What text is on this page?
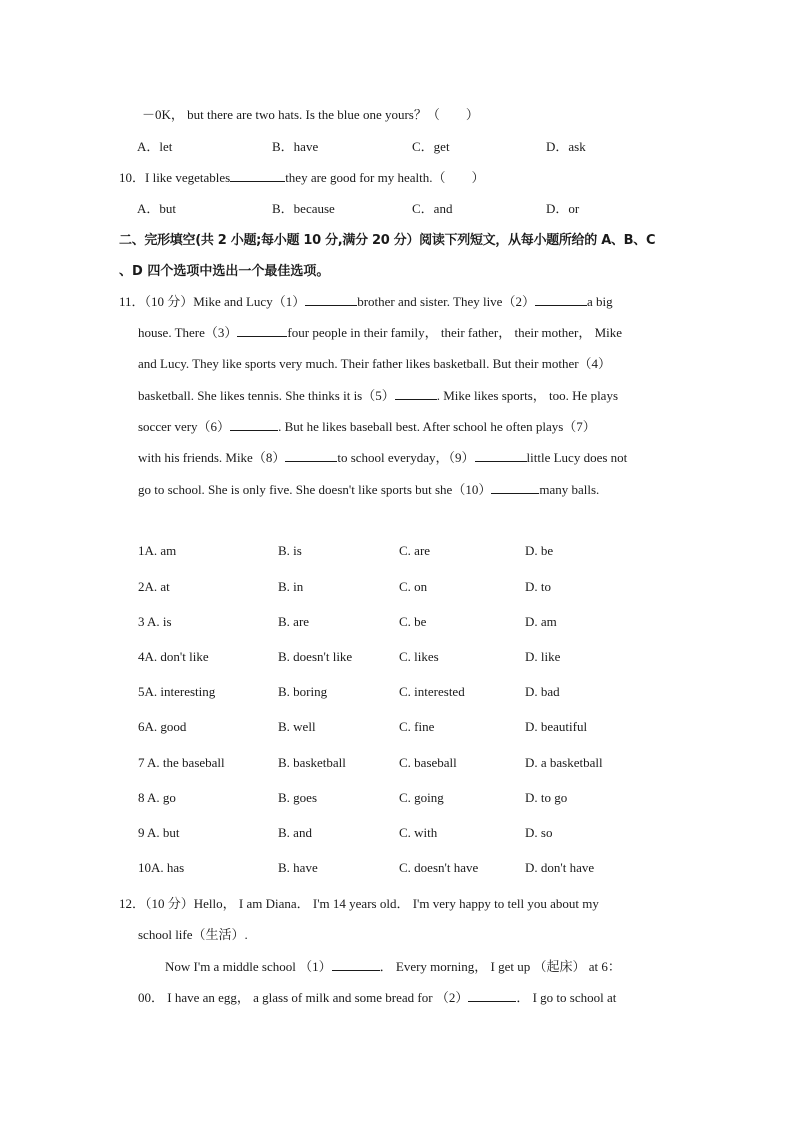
－0K， but there are two hats. Is the blue one yours？（　　）
A．let	B．have	C．get	D．ask
10．I like vegetables	they are good for my health.（　　）
A．but	B．because	C．and	D．or
二、完形填空(共 2 小题;每小题 10 分,满分 20 分）阅读下列短文，从每小题所给的 A、B、C
、D 四个选项中选出一个最佳选项。
11．（10 分）Mike and Lucy（1）	brother and sister. They live（2）	a big
house. There（3）	four people in their family， their father， their mother， Mike
and Lucy. They like sports very much. Their father likes basketball. But their mother（4）
basketball. She likes tennis. She thinks it is（5）	. Mike likes sports， too. He plays
soccer very（6）	. But he likes baseball best. After school he often plays（7）
with his friends. Mike（8）	to school everyday，（9）	little Lucy does not
go to school. She is only five. She doesn't like sports but she（10）	many balls.
1A. am	B. is	C. are	D. be
2A. at	B. in	C. on	D. to
3 A. is	B. are	C. be	D. am
4A. don't like	B. doesn't like	C. likes	D. like
5A. interesting	B. boring	C. interested	D. bad
6A. good	B. well	C. fine	D. beautiful
7 A. the baseball	B. basketball	C. baseball	D. a basketball
8 A. go	B. goes	C. going	D. to go
9 A. but	B. and	C. with	D. so
10A. has	B. have	C. doesn't have	D. don't have
12．（10 分）Hello， I am Diana． I'm 14 years old． I'm very happy to tell you about my
school life（生活）.
Now I'm a middle school （1）	． Every morning， I get up （起床） at 6：
00． I have an egg， a glass of milk and some bread for （2）	． I go to school at
